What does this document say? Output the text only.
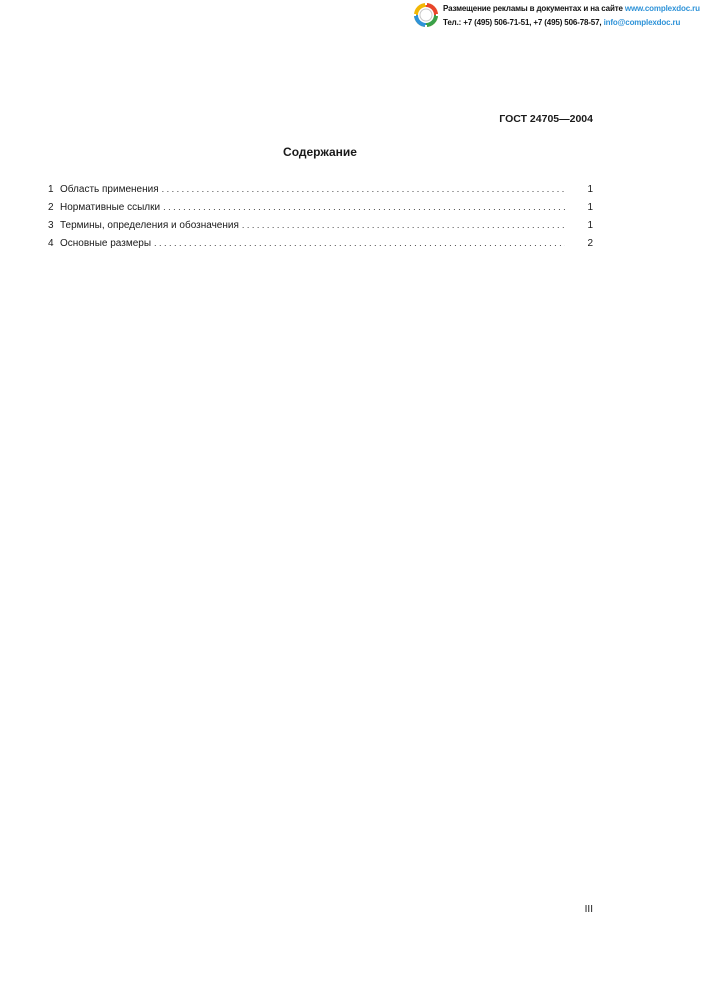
Размещение рекламы в документах и на сайте www.complexdoc.ru
Тел.: +7 (495) 506-71-51, +7 (495) 506-78-57, info@complexdoc.ru
ГОСТ 24705—2004
Содержание
1 Область применения . . .	1
2 Нормативные ссылки . . .	1
3 Термины, определения и обозначения . . .	1
4 Основные размеры . . .	2
III
